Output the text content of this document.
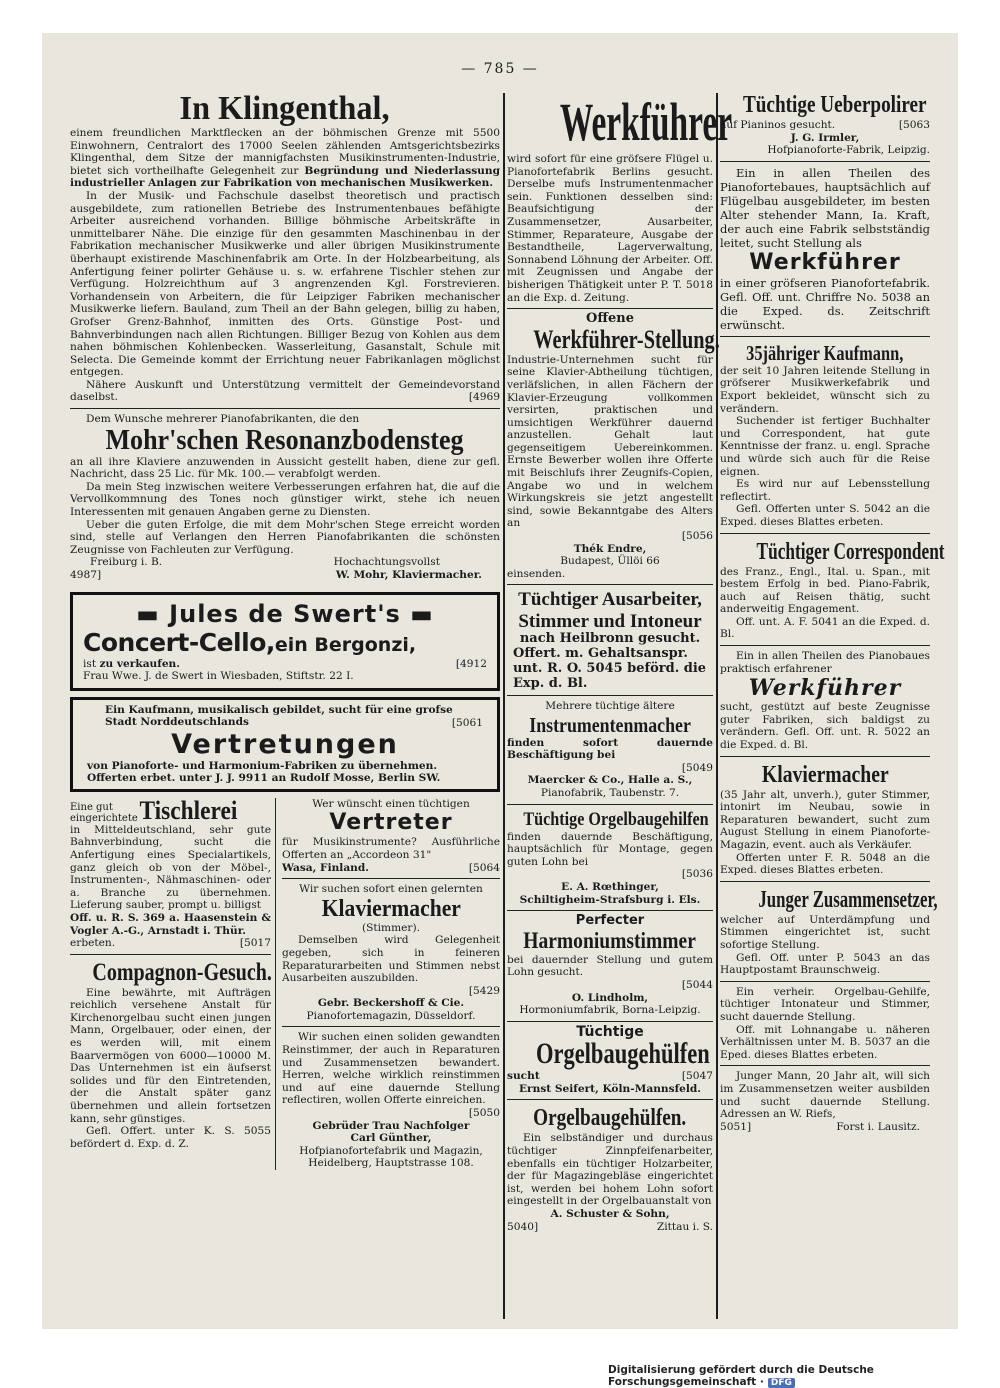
— 785 —
In Klingenthal,

einem freundlichen Marktflecken an der böhmischen Grenze mit 5500 Einwohnern, Centralort des 17000 Seelen zählenden Amtsgerichtsbezirks Klingenthal, dem Sitze der mannigfachsten Musikinstrumenten-Industrie, bietet sich vortheilhafte Gelegenheit zur Begründung und Niederlassung industrieller Anlagen zur Fabrikation von mechanischen Musikwerken.

In der Musik- und Fachschule daselbst theoretisch und practisch ausgebildete, zum rationellen Betriebe des Instrumentenbaues befähigte Arbeiter ausreichend vorhanden. Billige böhmische Arbeitskräfte in unmittelbarer Nähe. Die einzige für den gesammten Maschinenbau in der Fabrikation mechanischer Musikwerke und aller übrigen Musikinstrumente überhaupt existirende Maschinenfabrik am Orte. In der Holzbearbeitung, als Anfertigung feiner polirter Gehäuse u. s. w. erfahrene Tischler stehen zur Verfügung. Holzreichthum auf 3 angrenzenden Kgl. Forstrevieren. Vorhandensein von Arbeitern, die für Leipziger Fabriken mechanischer Musikwerke liefern. Bauland, zum Theil an der Bahn gelegen, billig zu haben, Grofser Grenz-Bahnhof, inmitten des Orts. Günstige Post- und Bahnverbindungen nach allen Richtungen. Billiger Bezug von Kohlen aus dem nahen böhmischen Kohlenbecken. Wasserleitung, Gasanstalt, Schule mit Selecta. Die Gemeinde kommt der Errichtung neuer Fabrikanlagen möglichst entgegen.

Nähere Auskunft und Unterstützung vermittelt der Gemeindevorstand daselbst.	[4969

Dem Wunsche mehrerer Pianofabrikanten, die den

Mohr'schen Resonanzbodensteg

an all ihre Klaviere anzuwenden in Aussicht gestellt haben, diene zur gefl. Nachricht, dass 25 Lic. für Mk. 100.— verabfolgt werden.

Da mein Steg inzwischen weitere Verbesserungen erfahren hat, die auf die Vervollkommnung des Tones noch günstiger wirkt, stehe ich neuen Interessenten mit genauen Angaben gerne zu Diensten.

Ueber die guten Erfolge, die mit dem Mohr'schen Stege erreicht worden sind, stelle auf Verlangen den Herren Pianofabrikanten die schönsten Zeugnisse von Fachleuten zur Verfügung.

Freiburg i. B.	Hochachtungsvollst
4987]	W. Mohr, Klaviermacher.
▬ Jules de Swert's ▬
Concert-Cello,ein Bergonzi,
ist zu verkaufen.	[4912
Frau Wwe. J. de Swert in Wiesbaden, Stiftstr. 22 I.
Ein Kaufmann, musikalisch gebildet, sucht für eine grofse Stadt Norddeutschlands	[5061
Vertretungen
von Pianoforte- und Harmonium-Fabriken zu übernehmen.
Offerten erbet. unter J. J. 9911 an Rudolf Mosse, Berlin SW.
Eine gut eingerichtete Tischlerei

in Mitteldeutschland, sehr gute Bahnverbindung, sucht die Anfertigung eines Specialartikels, ganz gleich ob von der Möbel-, Instrumenten-, Nähmaschinen- oder a. Branche zu übernehmen. Lieferung sauber, prompt u. billigst

Off. u. R. S. 369 a. Haasenstein & Vogler A.-G., Arnstadt i. Thür.

erbeten.	[5017
Compagnon-Gesuch.

Eine bewährte, mit Aufträgen reichlich versehene Anstalt für Kirchenorgelbau sucht einen jungen Mann, Orgelbauer, oder einen, der es werden will, mit einem Baarvermögen von 6000—10000 M. Das Unternehmen ist ein äufserst solides und für den Eintretenden, der die Anstalt später ganz übernehmen und allein fortsetzen kann, sehr günstiges.

Gefl. Offert. unter K. S. 5055 befördert d. Exp. d. Z.

Wer wünscht einen tüchtigen
Vertreter

für Musikinstrumente? Ausführliche Offerten an „Accordeon 31"

Wasa, Finland.	[5064
Wir suchen sofort einen gelernten
Klaviermacher
(Stimmer).

Demselben wird Gelegenheit gegeben, sich in feineren Reparaturarbeiten und Stimmen nebst Ausarbeiten auszubilden.

[5429
Gebr. Beckershoff & Cie.
Pianofortemagazin, Düsseldorf.

Wir suchen einen soliden gewandten Reinstimmer, der auch in Reparaturen und Zusammensetzen bewandert. Herren, welche wirklich reinstimmen und auf eine dauernde Stellung reflectiren, wollen Offerte einreichen.

[5050
Gebrüder Trau Nachfolger
Carl Günther,
Hofpianofortefabrik und Magazin, Heidelberg, Hauptstrasse 108.
Werkführer

wird sofort für eine gröfsere Flügel u. Pianofortefabrik Berlins gesucht. Derselbe mufs Instrumentenmacher sein. Funktionen desselben sind: Beaufsichtigung der Zusammensetzer, Ausarbeiter, Stimmer, Reparateure, Ausgabe der Bestandtheile, Lagerverwaltung, Sonnabend Löhnung der Arbeiter. Off. mit Zeugnissen und Angabe der bisherigen Thätigkeit unter P. T. 5018 an die Exp. d. Zeitung.

Offene
Werkführer-Stellung.

Industrie-Unternehmen sucht für seine Klavier-Abtheilung tüchtigen, verläfslichen, in allen Fächern der Klavier-Erzeugung vollkommen versirten, praktischen und umsichtigen Werkführer dauernd anzustellen. Gehalt laut gegenseitigem Uebereinkommen. Ernste Bewerber wollen ihre Offerte mit Beischlufs ihrer Zeugnifs-Copien, Angabe wo und in welchem Wirkungskreis sie jetzt angestellt sind, sowie Bekanntgabe des Alters an

[5056
Thék Endre,
Budapest, Üllöi 66
einsenden.
Tüchtiger Ausarbeiter, Stimmer und Intoneur
nach Heilbronn gesucht.
Offert. m. Gehaltsanspr. unt. R. O. 5045 beförd. die Exp. d. Bl.
Mehrere tüchtige ältere
Instrumentenmacher

finden sofort dauernde Beschäftigung bei

[5049
Maercker & Co., Halle a. S.,
Pianofabrik, Taubenstr. 7.
Tüchtige Orgelbaugehilfen

finden dauernde Beschäftigung, hauptsächlich für Montage, gegen guten Lohn bei

[5036
E. A. Rœthinger,
Schiltigheim-Strafsburg i. Els.
Perfecter
Harmoniumstimmer

bei dauernder Stellung und gutem Lohn gesucht.

[5044
O. Lindholm,
Hormoniumfabrik, Borna-Leipzig.
Tüchtige
Orgelbaugehülfen
sucht	[5047
Ernst Seifert, Köln-Mannsfeld.
Orgelbaugehülfen.

Ein selbständiger und durchaus tüchtiger Zinnpfeifenarbeiter, ebenfalls ein tüchtiger Holzarbeiter, der für Magazingebläse eingerichtet ist, werden bei hohem Lohn sofort eingestellt in der Orgelbauanstalt von

A. Schuster & Sohn,
5040]	Zittau i. S.
Tüchtige Ueberpolirer
auf Pianinos gesucht.	[5063
J. G. Irmler,
Hofpianoforte-Fabrik, Leipzig.

Ein in allen Theilen des Pianofortebaues, hauptsächlich auf Flügelbau ausgebildeter, im besten Alter stehender Mann, Ia. Kraft, der auch eine Fabrik selbstständig leitet, sucht Stellung als

Werkführer

in einer gröfseren Pianofortefabrik. Gefl. Off. unt. Chriffre No. 5038 an die Exped. ds. Zeitschrift erwünscht.

35jähriger Kaufmann,

der seit 10 Jahren leitende Stellung in gröfserer Musikwerkefabrik und Export bekleidet, wünscht sich zu verändern.

Suchender ist fertiger Buchhalter und Correspondent, hat gute Kenntnisse der franz. u. engl. Sprache und würde sich auch für die Reise eignen.

Es wird nur auf Lebensstellung reflectirt.

Gefl. Offerten unter S. 5042 an die Exped. dieses Blattes erbeten.

Tüchtiger Correspondent

des Franz., Engl., Ital. u. Span., mit bestem Erfolg in bed. Piano-Fabrik, auch auf Reisen thätig, sucht anderweitig Engagement.

Off. unt. A. F. 5041 an die Exped. d. Bl.

Ein in allen Theilen des Pianobaues praktisch erfahrener

Werkführer

sucht, gestützt auf beste Zeugnisse guter Fabriken, sich baldigst zu verändern. Gefl. Off. unt. R. 5022 an die Exped. d. Bl.

Klaviermacher

(35 Jahr alt, unverh.), guter Stimmer, intonirt im Neubau, sowie in Reparaturen bewandert, sucht zum August Stellung in einem Pianoforte-Magazin, event. auch als Verkäufer.

Offerten unter F. R. 5048 an die Exped. dieses Blattes erbeten.

Junger Zusammensetzer,

welcher auf Unterdämpfung und Stimmen eingerichtet ist, sucht sofortige Stellung.

Gefl. Off. unter P. 5043 an das Hauptpostamt Braunschweig.

Ein verheir. Orgelbau-Gehilfe, tüchtiger Intonateur und Stimmer, sucht dauernde Stellung.

Off. mit Lohnangabe u. näheren Verhältnissen unter M. B. 5037 an die Eped. dieses Blattes erbeten.

Junger Mann, 20 Jahr alt, will sich im Zusammensetzen weiter ausbilden und sucht dauernde Stellung. Adressen an W. Riefs,

5051]	Forst i. Lausitz.
Digitalisierung gefördert durch die Deutsche Forschungsgemeinschaft · DFG
